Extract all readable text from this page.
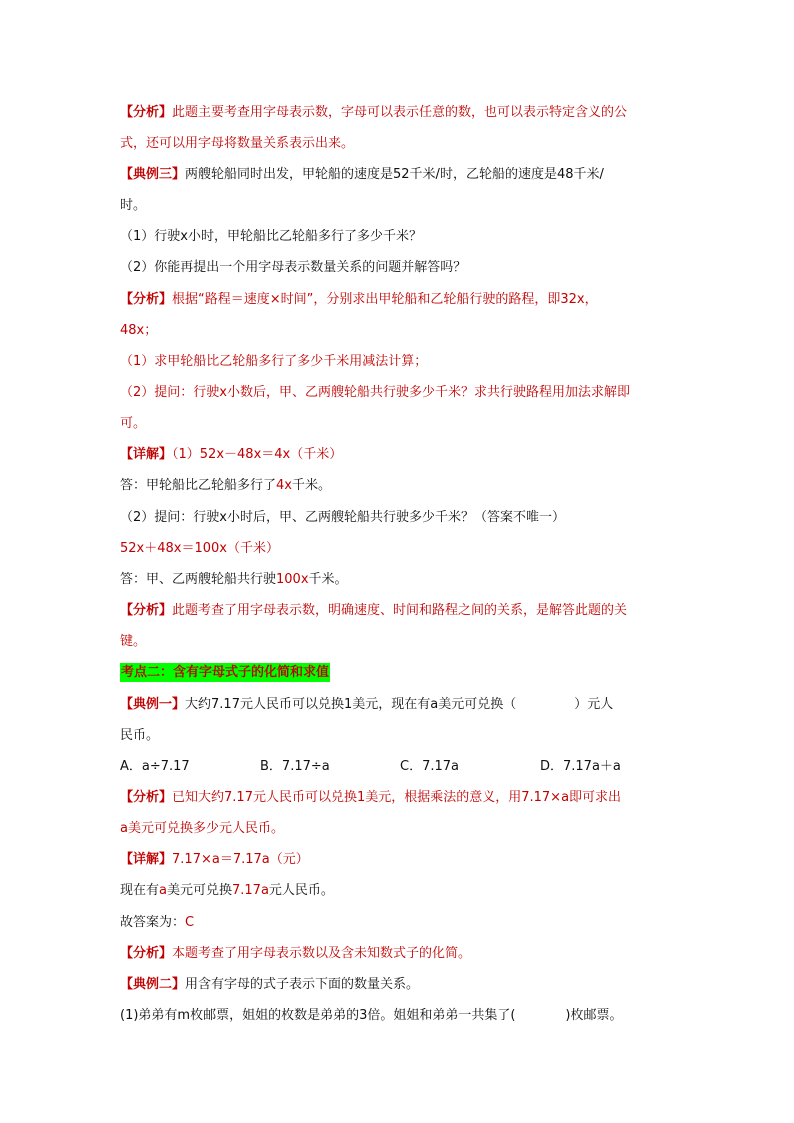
【分析】此题主要考查用字母表示数，字母可以表示任意的数，也可以表示特定含义的公
式，还可以用字母将数量关系表示出来。
【典例三】两艘轮船同时出发，甲轮船的速度是52千米/时，乙轮船的速度是48千米/
时。
（1）行驶x小时，甲轮船比乙轮船多行了多少千米？
（2）你能再提出一个用字母表示数量关系的问题并解答吗？
【分析】根据“路程＝速度×时间”，分别求出甲轮船和乙轮船行驶的路程，即32x，
48x；
（1）求甲轮船比乙轮船多行了多少千米用减法计算；
（2）提问：行驶x小数后，甲、乙两艘轮船共行驶多少千米？求共行驶路程用加法求解即
可。
【详解】（1）52x－48x＝4x（千米）
答：甲轮船比乙轮船多行了4x千米。
（2）提问：行驶x小时后，甲、乙两艘轮船共行驶多少千米？（答案不唯一）
52x＋48x＝100x（千米）
答：甲、乙两艘轮船共行驶100x千米。
【分析】此题考查了用字母表示数，明确速度、时间和路程之间的关系，是解答此题的关
键。
考点二：含有字母式子的化简和求值
【典例一】大约7.17元人民币可以兑换1美元，现在有a美元可兑换（	）元人
民币。
A．a÷7.17	B．7.17÷a	C．7.17a	D．7.17a＋a
【分析】已知大约7.17元人民币可以兑换1美元，根据乘法的意义，用7.17×a即可求出
a美元可兑换多少元人民币。
【详解】7.17×a＝7.17a（元）
现在有a美元可兑换7.17a元人民币。
故答案为：C
【分析】本题考查了用字母表示数以及含未知数式子的化简。
【典例二】用含有字母的式子表示下面的数量关系。
(1)弟弟有m枚邮票，姐姐的枚数是弟弟的3倍。姐姐和弟弟一共集了(	)枚邮票。
